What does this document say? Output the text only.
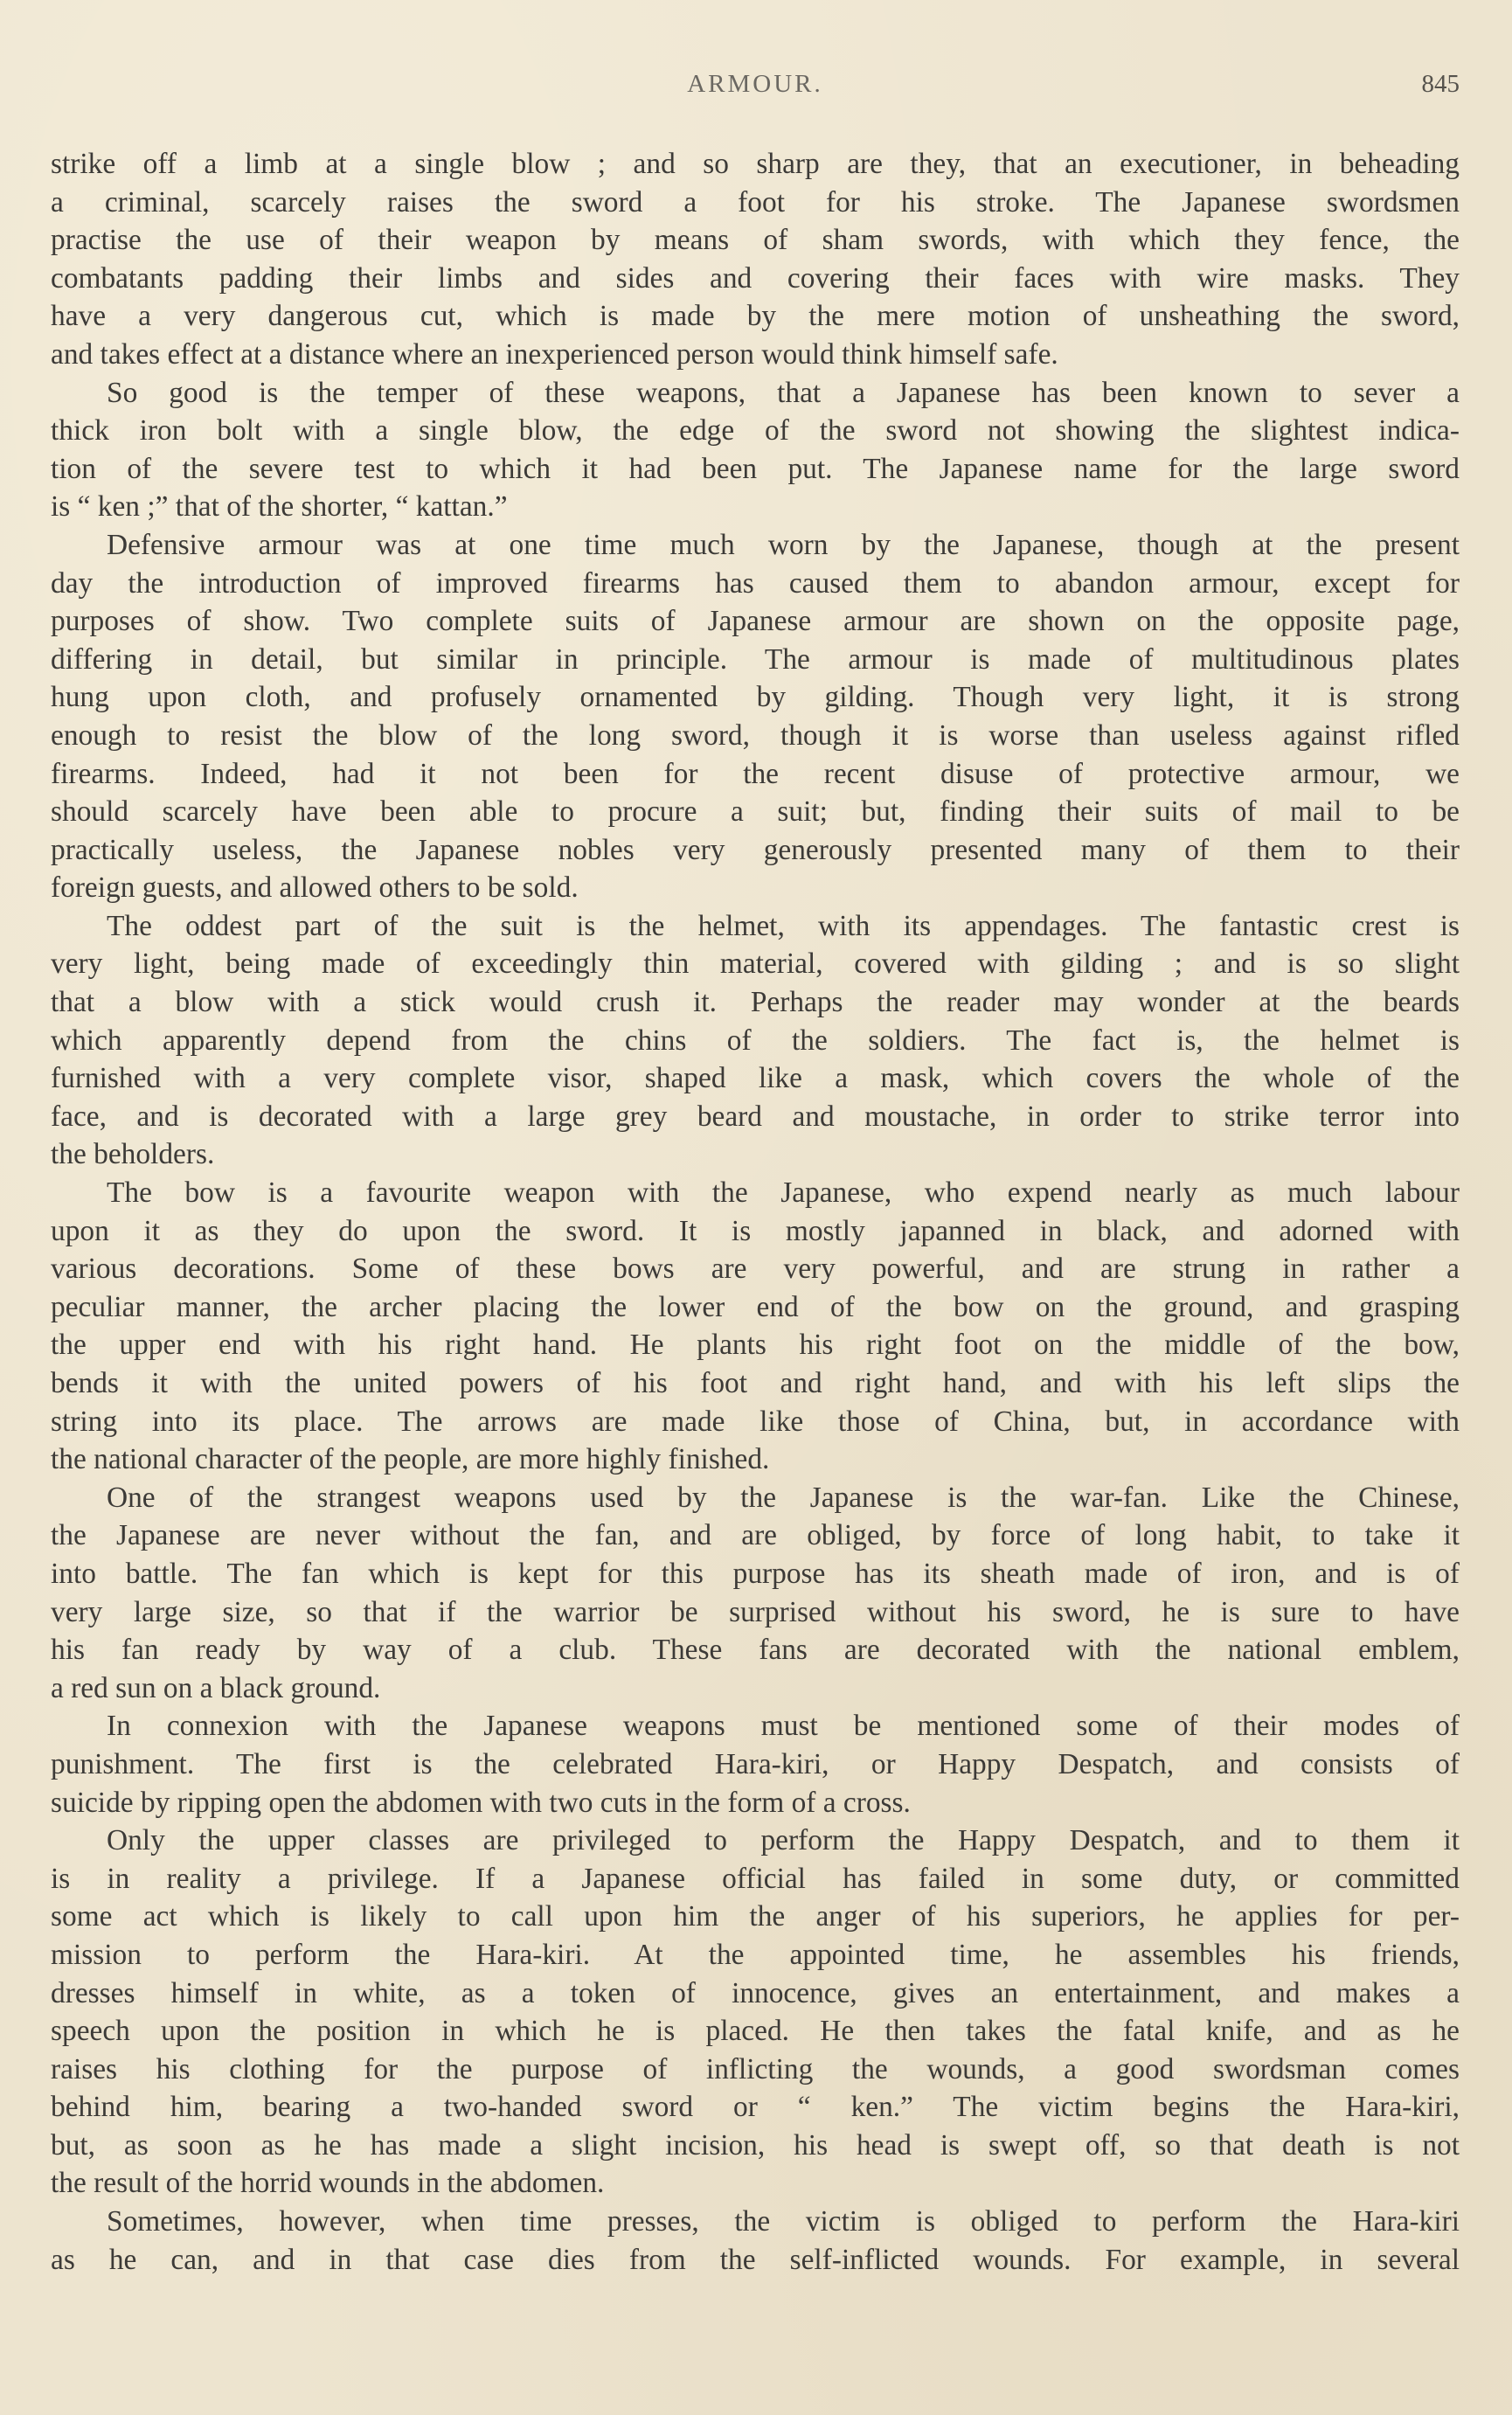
ARMOUR.	845
strike off a limb at a single blow ; and so sharp are they, that an executioner, in beheading
a criminal, scarcely raises the sword a foot for his stroke. The Japanese swordsmen
practise the use of their weapon by means of sham swords, with which they fence, the
combatants padding their limbs and sides and covering their faces with wire masks. They
have a very dangerous cut, which is made by the mere motion of unsheathing the sword,
and takes effect at a distance where an inexperienced person would think himself safe.
So good is the temper of these weapons, that a Japanese has been known to sever a
thick iron bolt with a single blow, the edge of the sword not showing the slightest indica-
tion of the severe test to which it had been put. The Japanese name for the large sword
is “ ken ;” that of the shorter, “ kattan.”
Defensive armour was at one time much worn by the Japanese, though at the present
day the introduction of improved firearms has caused them to abandon armour, except for
purposes of show. Two complete suits of Japanese armour are shown on the opposite page,
differing in detail, but similar in principle. The armour is made of multitudinous plates
hung upon cloth, and profusely ornamented by gilding. Though very light, it is strong
enough to resist the blow of the long sword, though it is worse than useless against rifled
firearms. Indeed, had it not been for the recent disuse of protective armour, we
should scarcely have been able to procure a suit; but, finding their suits of mail to be
practically useless, the Japanese nobles very generously presented many of them to their
foreign guests, and allowed others to be sold.
The oddest part of the suit is the helmet, with its appendages. The fantastic crest is
very light, being made of exceedingly thin material, covered with gilding ; and is so slight
that a blow with a stick would crush it. Perhaps the reader may wonder at the beards
which apparently depend from the chins of the soldiers. The fact is, the helmet is
furnished with a very complete visor, shaped like a mask, which covers the whole of the
face, and is decorated with a large grey beard and moustache, in order to strike terror into
the beholders.
The bow is a favourite weapon with the Japanese, who expend nearly as much labour
upon it as they do upon the sword. It is mostly japanned in black, and adorned with
various decorations. Some of these bows are very powerful, and are strung in rather a
peculiar manner, the archer placing the lower end of the bow on the ground, and grasping
the upper end with his right hand. He plants his right foot on the middle of the bow,
bends it with the united powers of his foot and right hand, and with his left slips the
string into its place. The arrows are made like those of China, but, in accordance with
the national character of the people, are more highly finished.
One of the strangest weapons used by the Japanese is the war-fan. Like the Chinese,
the Japanese are never without the fan, and are obliged, by force of long habit, to take it
into battle. The fan which is kept for this purpose has its sheath made of iron, and is of
very large size, so that if the warrior be surprised without his sword, he is sure to have
his fan ready by way of a club. These fans are decorated with the national emblem,
a red sun on a black ground.
In connexion with the Japanese weapons must be mentioned some of their modes of
punishment. The first is the celebrated Hara-kiri, or Happy Despatch, and consists of
suicide by ripping open the abdomen with two cuts in the form of a cross.
Only the upper classes are privileged to perform the Happy Despatch, and to them it
is in reality a privilege. If a Japanese official has failed in some duty, or committed
some act which is likely to call upon him the anger of his superiors, he applies for per-
mission to perform the Hara-kiri. At the appointed time, he assembles his friends,
dresses himself in white, as a token of innocence, gives an entertainment, and makes a
speech upon the position in which he is placed. He then takes the fatal knife, and as he
raises his clothing for the purpose of inflicting the wounds, a good swordsman comes
behind him, bearing a two-handed sword or “ ken.” The victim begins the Hara-kiri,
but, as soon as he has made a slight incision, his head is swept off, so that death is not
the result of the horrid wounds in the abdomen.
Sometimes, however, when time presses, the victim is obliged to perform the Hara-kiri
as he can, and in that case dies from the self-inflicted wounds. For example, in several
